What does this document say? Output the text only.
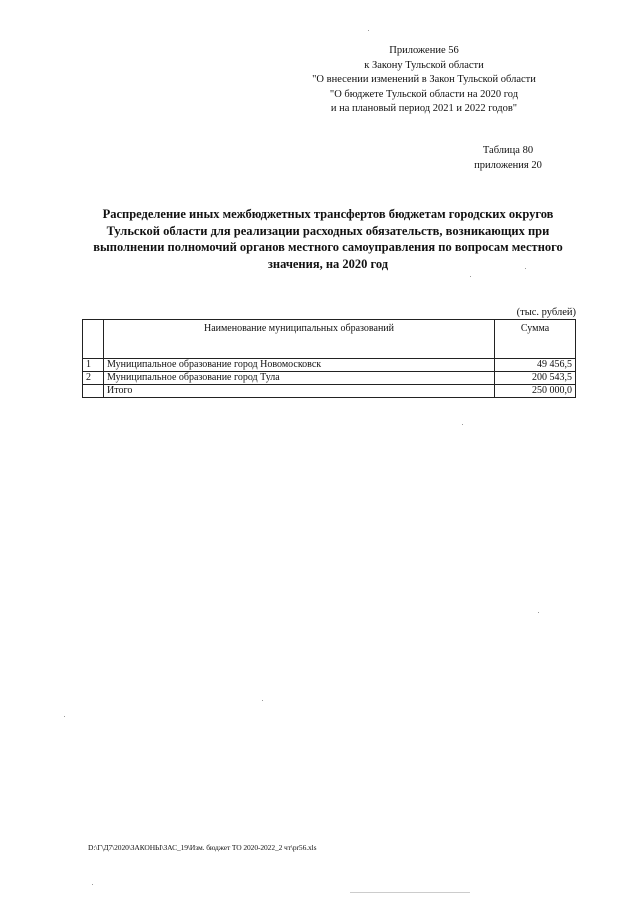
Приложение 56
к Закону Тульской области
"О внесении изменений в Закон Тульской области
"О бюджете Тульской области на 2020 год
и на плановый период 2021 и 2022 годов"
Таблица 80
приложения 20
Распределение иных межбюджетных трансфертов бюджетам городских округов Тульской области для реализации расходных обязательств, возникающих при выполнении полномочий органов местного самоуправления по вопросам местного значения, на 2020 год
(тыс. рублей)
	Наименование муниципальных образований	Сумма
1	Муниципальное образование город Новомосковск	49 456,5
2	Муниципальное образование город Тула	200 543,5
	Итого	250 000,0
D:\Г\Д7\2020\ЗАКОНЫ\ЗАС_19\Изм. бюджет ТО 2020-2022_2 чт\pr56.xls
